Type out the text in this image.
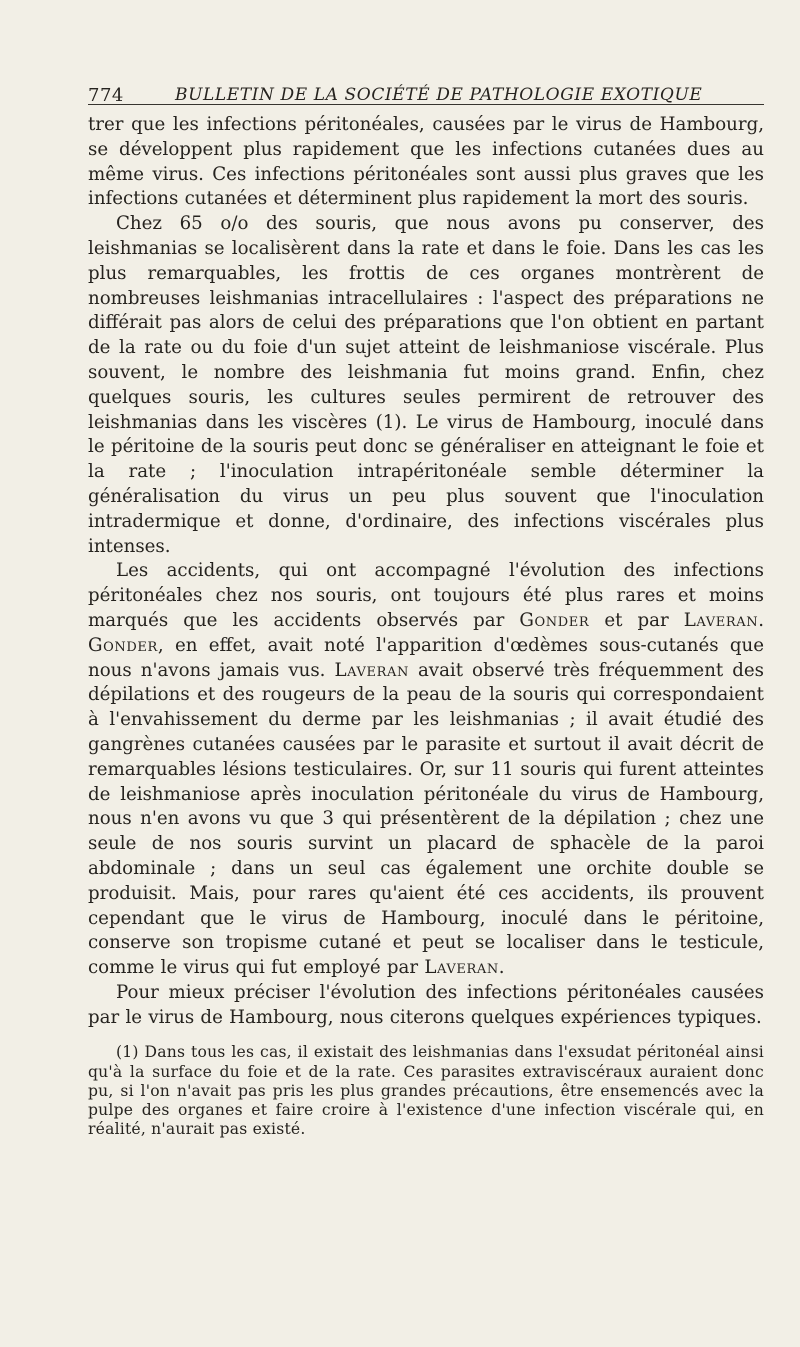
774	BULLETIN DE LA SOCIÉTÉ DE PATHOLOGIE EXOTIQUE

trer que les infections péritonéales, causées par le virus de Hambourg, se développent plus rapidement que les infections cutanées dues au même virus. Ces infections péritonéales sont aussi plus graves que les infections cutanées et déterminent plus rapidement la mort des souris.

Chez 65 o/o des souris, que nous avons pu conserver, des leishmanias se localisèrent dans la rate et dans le foie. Dans les cas les plus remarquables, les frottis de ces organes montrèrent de nombreuses leishmanias intracellulaires : l'aspect des préparations ne différait pas alors de celui des préparations que l'on obtient en partant de la rate ou du foie d'un sujet atteint de leishmaniose viscérale. Plus souvent, le nombre des leishmania fut moins grand. Enfin, chez quelques souris, les cultures seules permirent de retrouver des leishmanias dans les viscères (1). Le virus de Hambourg, inoculé dans le péritoine de la souris peut donc se généraliser en atteignant le foie et la rate ; l'inoculation intrapéritonéale semble déterminer la généralisation du virus un peu plus souvent que l'inoculation intradermique et donne, d'ordinaire, des infections viscérales plus intenses.

Les accidents, qui ont accompagné l'évolution des infections péritonéales chez nos souris, ont toujours été plus rares et moins marqués que les accidents observés par Gonder et par Laveran. Gonder, en effet, avait noté l'apparition d'œdèmes sous-cutanés que nous n'avons jamais vus. Laveran avait observé très fréquemment des dépilations et des rougeurs de la peau de la souris qui correspondaient à l'envahissement du derme par les leishmanias ; il avait étudié des gangrènes cutanées causées par le parasite et surtout il avait décrit de remarquables lésions testiculaires. Or, sur 11 souris qui furent atteintes de leishmaniose après inoculation péritonéale du virus de Hambourg, nous n'en avons vu que 3 qui présentèrent de la dépilation ; chez une seule de nos souris survint un placard de sphacèle de la paroi abdominale ; dans un seul cas également une orchite double se produisit. Mais, pour rares qu'aient été ces accidents, ils prouvent cependant que le virus de Hambourg, inoculé dans le péritoine, conserve son tropisme cutané et peut se localiser dans le testicule, comme le virus qui fut employé par Laveran.

Pour mieux préciser l'évolution des infections péritonéales causées par le virus de Hambourg, nous citerons quelques expériences typiques.

(1) Dans tous les cas, il existait des leishmanias dans l'exsudat péritonéal ainsi qu'à la surface du foie et de la rate. Ces parasites extraviscéraux auraient donc pu, si l'on n'avait pas pris les plus grandes précautions, être ensemencés avec la pulpe des organes et faire croire à l'existence d'une infection viscérale qui, en réalité, n'aurait pas existé.
